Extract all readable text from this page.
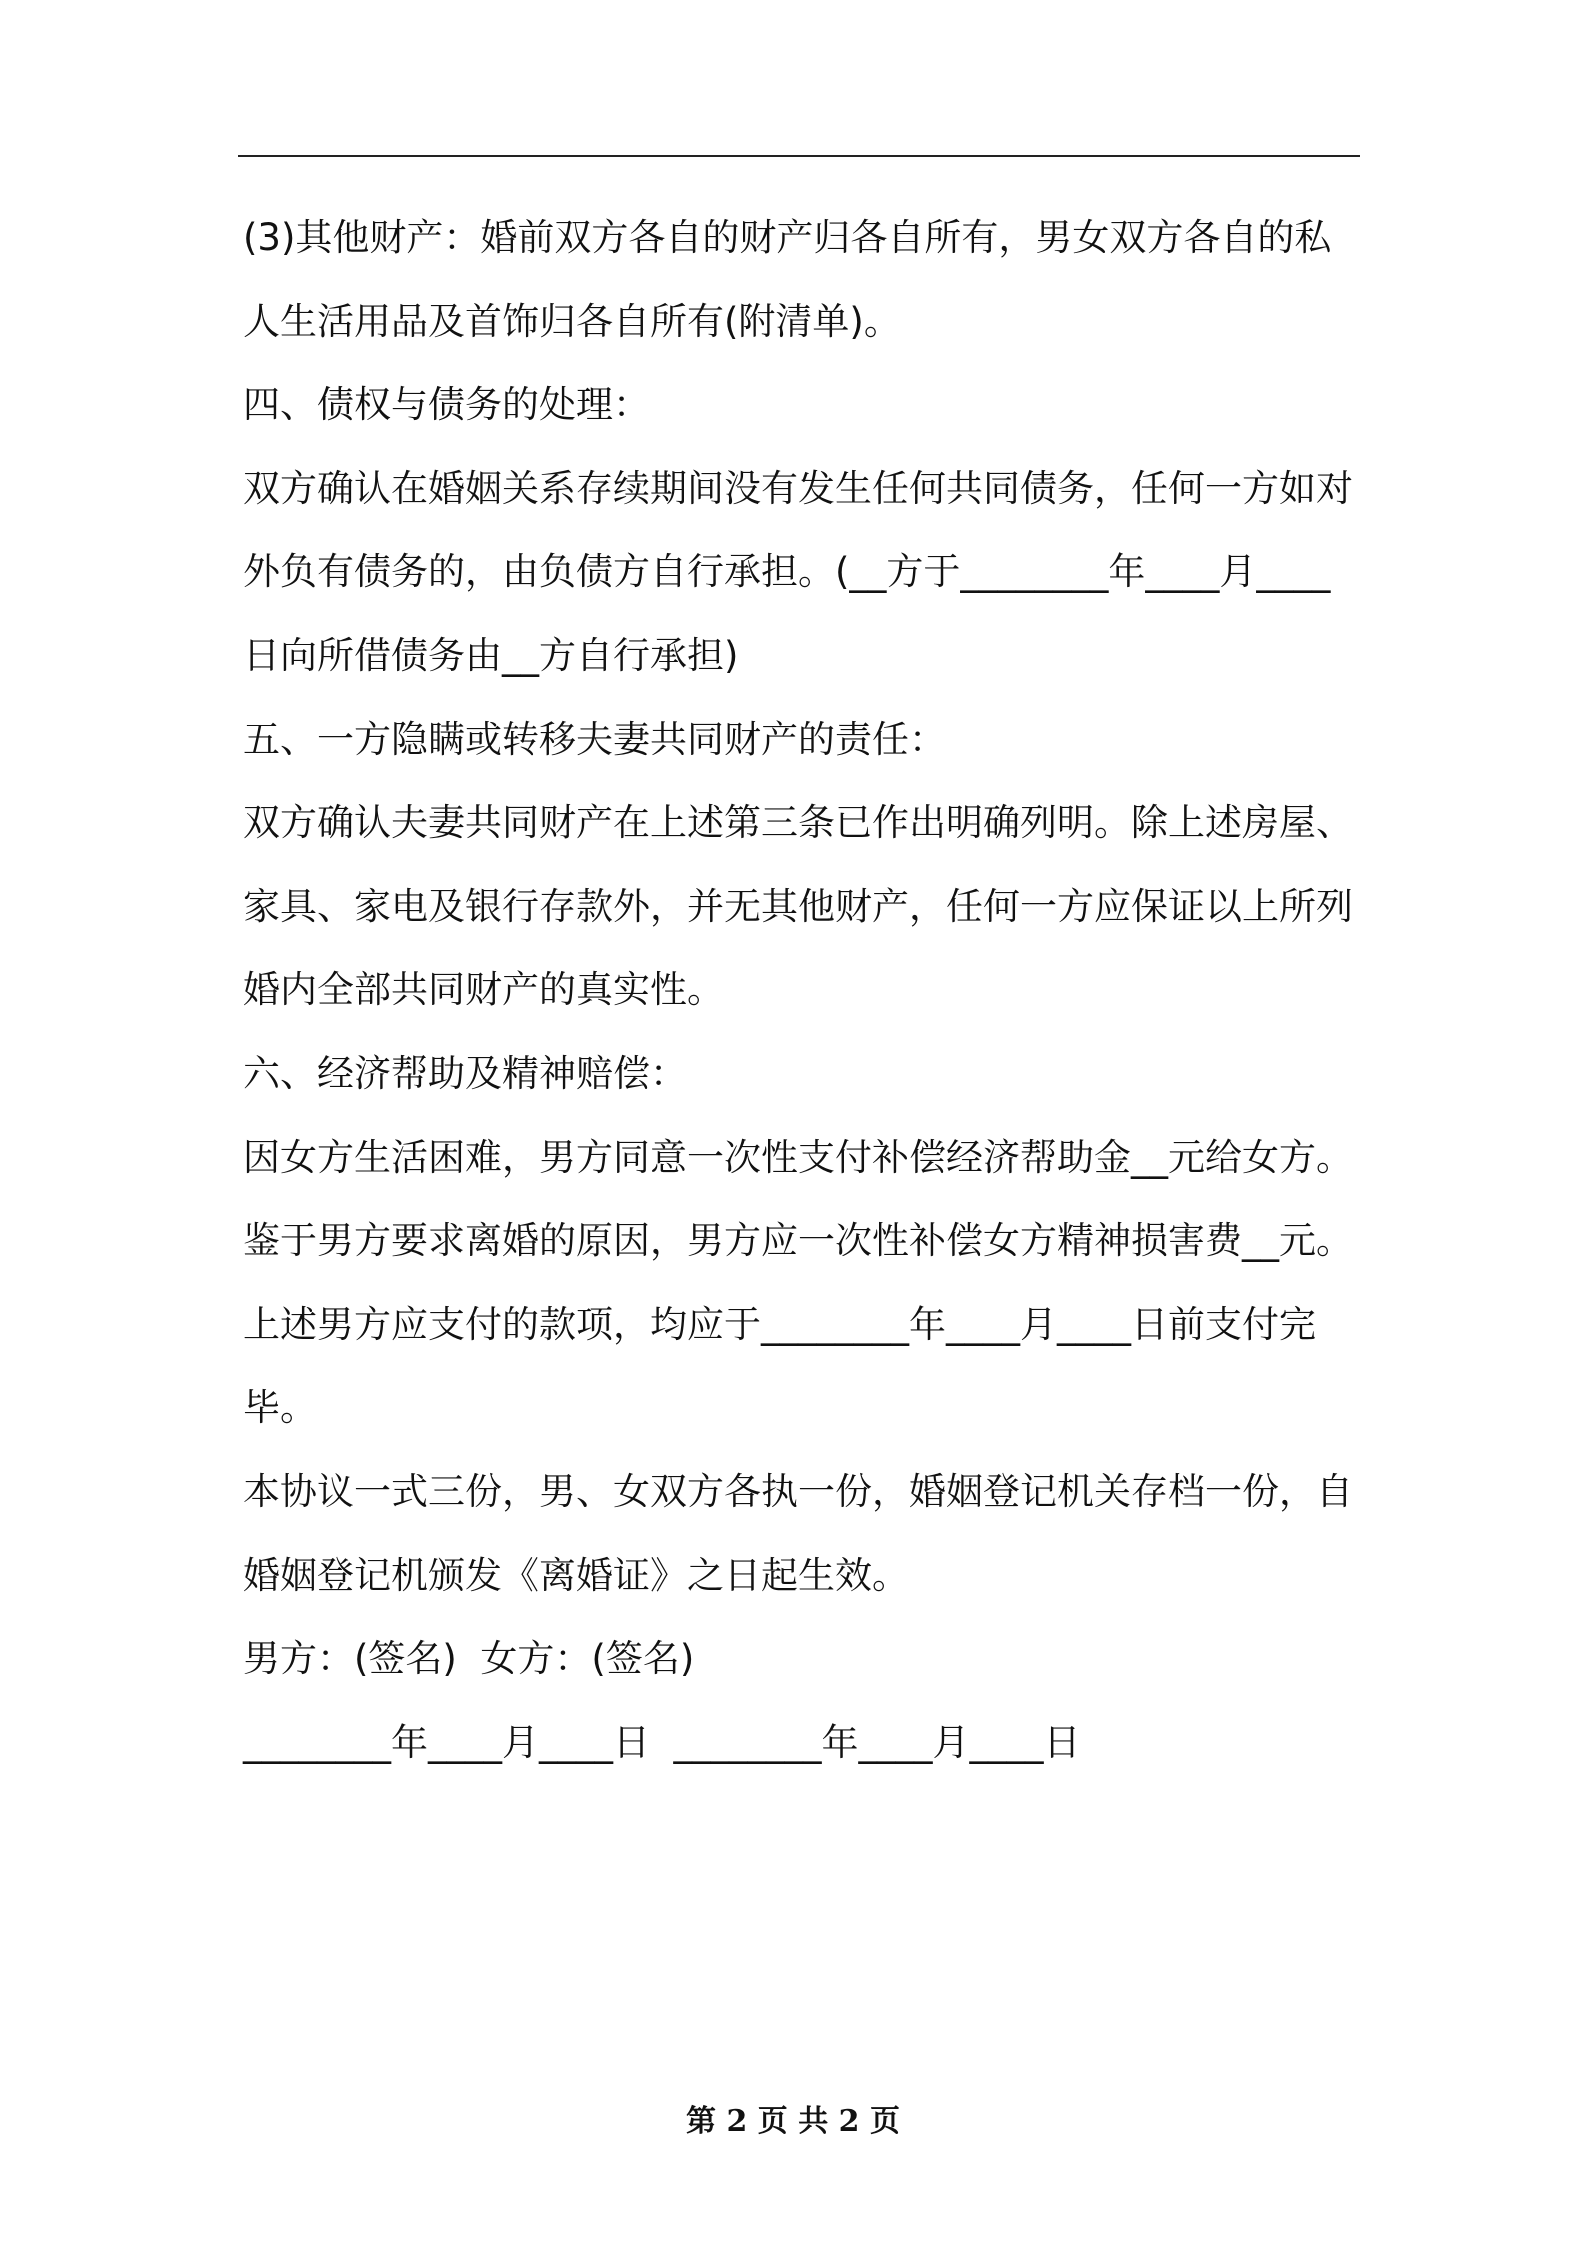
(3)其他财产：婚前双方各自的财产归各自所有，男女双方各自的私
人生活用品及首饰归各自所有(附清单)。
四、债权与债务的处理：
双方确认在婚姻关系存续期间没有发生任何共同债务，任何一方如对
外负有债务的，由负债方自行承担。(__方于________年____月____
日向所借债务由__方自行承担)
五、一方隐瞒或转移夫妻共同财产的责任：
双方确认夫妻共同财产在上述第三条已作出明确列明。除上述房屋、
家具、家电及银行存款外，并无其他财产，任何一方应保证以上所列
婚内全部共同财产的真实性。
六、经济帮助及精神赔偿：
因女方生活困难，男方同意一次性支付补偿经济帮助金__元给女方。
鉴于男方要求离婚的原因，男方应一次性补偿女方精神损害费__元。
上述男方应支付的款项，均应于________年____月____日前支付完
毕。
本协议一式三份，男、女双方各执一份，婚姻登记机关存档一份，自
婚姻登记机颁发《离婚证》之日起生效。
男方：(签名)  女方：(签名)
________年____月____日  ________年____月____日
第 2 页 共 2 页
